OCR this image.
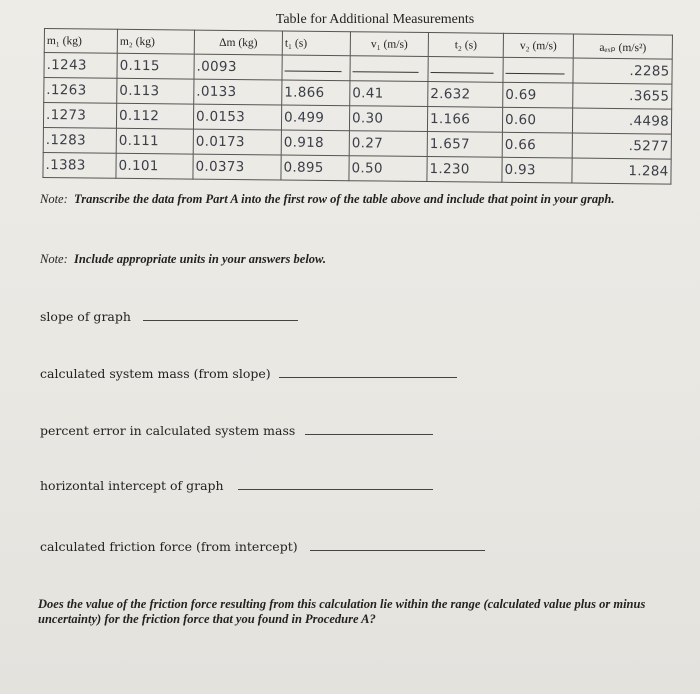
Table for Additional Measurements
m₁ (kg)	m₂ (kg)	Δm (kg)	t₁ (s)	v₁ (m/s)	t₂ (s)	v₂ (m/s)	aₑₓₚ (m/s²)
.1243	0.115	.0093					.2285
.1263	0.113	.0133	1.866	0.41	2.632	0.69	.3655
.1273	0.112	0.0153	0.499	0.30	1.166	0.60	.4498
.1283	0.111	0.0173	0.918	0.27	1.657	0.66	.5277
.1383	0.101	0.0373	0.895	0.50	1.230	0.93	1.284
Note: Transcribe the data from Part A into the first row of the table above and include that point in your graph.
Note: Include appropriate units in your answers below.
slope of graph
calculated system mass (from slope)
percent error in calculated system mass
horizontal intercept of graph
calculated friction force (from intercept)
Does the value of the friction force resulting from this calculation lie within the range (calculated value plus or minus uncertainty) for the friction force that you found in Procedure A?
